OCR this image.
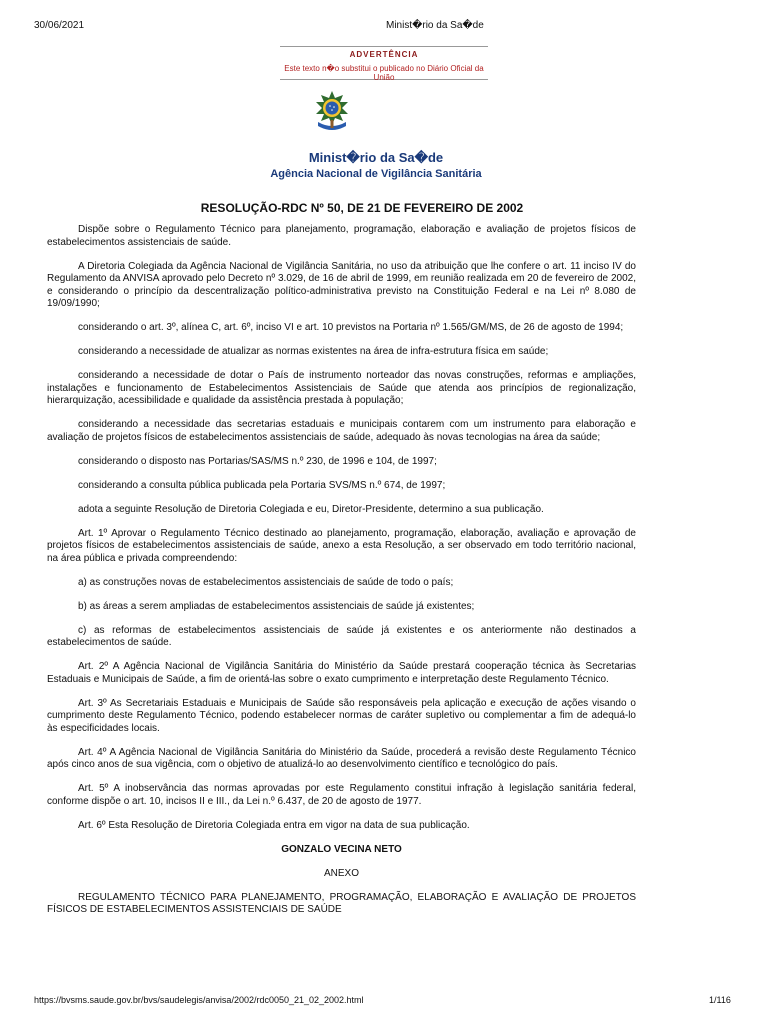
30/06/2021	Minist�rio da Sa�de
ADVERTÊNCIA
Este texto n�o substitui o publicado no Diário Oficial da União
Minist�rio da Sa�de
Agência Nacional de Vigilância Sanitária
RESOLUÇÃO-RDC Nº 50, DE 21 DE FEVEREIRO DE 2002

Dispõe sobre o Regulamento Técnico para planejamento, programação, elaboração e avaliação de projetos físicos de estabelecimentos assistenciais de saúde.

A Diretoria Colegiada da Agência Nacional de Vigilância Sanitária, no uso da atribuição que lhe confere o art. 11 inciso IV do Regulamento da ANVISA aprovado pelo Decreto nº 3.029, de 16 de abril de 1999, em reunião realizada em 20 de fevereiro de 2002, e considerando o princípio da descentralização político-administrativa previsto na Constituição Federal e na Lei nº 8.080 de 19/09/1990;

considerando o art. 3º, alínea C, art. 6º, inciso VI e art. 10 previstos na Portaria nº 1.565/GM/MS, de 26 de agosto de 1994;

considerando a necessidade de atualizar as normas existentes na área de infra-estrutura física em saúde;

considerando a necessidade de dotar o País de instrumento norteador das novas construções, reformas e ampliações, instalações e funcionamento de Estabelecimentos Assistenciais de Saúde que atenda aos princípios de regionalização, hierarquização, acessibilidade e qualidade da assistência prestada à população;

considerando a necessidade das secretarias estaduais e municipais contarem com um instrumento para elaboração e avaliação de projetos físicos de estabelecimentos assistenciais de saúde, adequado às novas tecnologias na área da saúde;

considerando o disposto nas Portarias/SAS/MS n.º 230, de 1996 e 104, de 1997;

considerando a consulta pública publicada pela Portaria SVS/MS n.º 674, de 1997;

adota a seguinte Resolução de Diretoria Colegiada e eu, Diretor-Presidente, determino a sua publicação.

Art. 1º Aprovar o Regulamento Técnico destinado ao planejamento, programação, elaboração, avaliação e aprovação de projetos físicos de estabelecimentos assistenciais de saúde, anexo a esta Resolução, a ser observado em todo território nacional, na área pública e privada compreendendo:

a) as construções novas de estabelecimentos assistenciais de saúde de todo o país;

b) as áreas a serem ampliadas de estabelecimentos assistenciais de saúde já existentes;

c) as reformas de estabelecimentos assistenciais de saúde já existentes e os anteriormente não destinados a estabelecimentos de saúde.

Art. 2º A Agência Nacional de Vigilância Sanitária do Ministério da Saúde prestará cooperação técnica às Secretarias Estaduais e Municipais de Saúde, a fim de orientá-las sobre o exato cumprimento e interpretação deste Regulamento Técnico.

Art. 3º As Secretariais Estaduais e Municipais de Saúde são responsáveis pela aplicação e execução de ações visando o cumprimento deste Regulamento Técnico, podendo estabelecer normas de caráter supletivo ou complementar a fim de adequá-lo às especificidades locais.

Art. 4º A Agência Nacional de Vigilância Sanitária do Ministério da Saúde, procederá a revisão deste Regulamento Técnico após cinco anos de sua vigência, com o objetivo de atualizá-lo ao desenvolvimento científico e tecnológico do país.

Art. 5º A inobservância das normas aprovadas por este Regulamento constitui infração à legislação sanitária federal, conforme dispõe o art. 10, incisos II e III., da Lei n.º 6.437, de 20 de agosto de 1977.

Art. 6º Esta Resolução de Diretoria Colegiada entra em vigor na data de sua publicação.

GONZALO VECINA NETO

ANEXO

REGULAMENTO TÉCNICO PARA PLANEJAMENTO, PROGRAMAÇÃO, ELABORAÇÃO E AVALIAÇÃO DE PROJETOS FÍSICOS DE ESTABELECIMENTOS ASSISTENCIAIS DE SAÚDE

https://bvsms.saude.gov.br/bvs/saudelegis/anvisa/2002/rdc0050_21_02_2002.html	1/116
